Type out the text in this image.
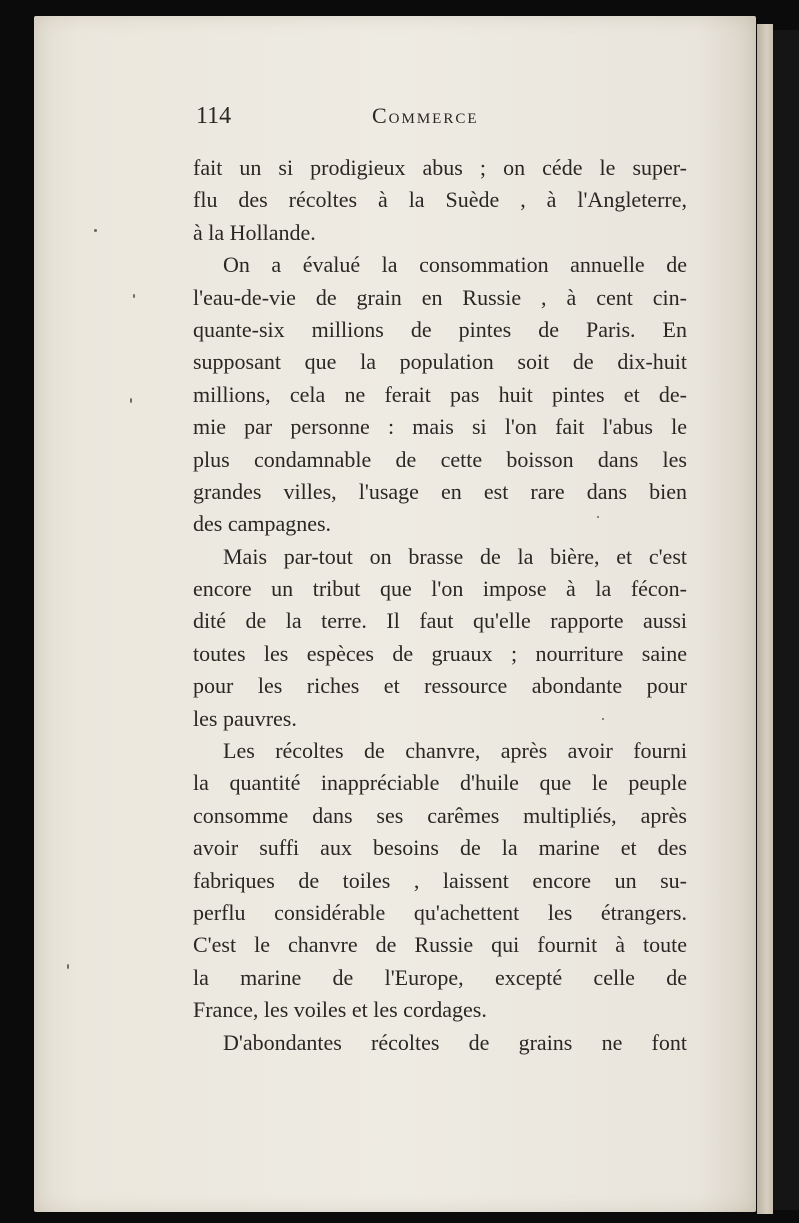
114	Commerce
fait un si prodigieux abus ; on céde le super-
flu des récoltes à la Suède , à l'Angleterre,
à la Hollande.
On a évalué la consommation annuelle de
l'eau-de-vie de grain en Russie , à cent cin-
quante-six millions de pintes de Paris. En
supposant que la population soit de dix-huit
millions, cela ne ferait pas huit pintes et de-
mie par personne : mais si l'on fait l'abus le
plus condamnable de cette boisson dans les
grandes villes, l'usage en est rare dans bien
des campagnes.
Mais par-tout on brasse de la bière, et c'est
encore un tribut que l'on impose à la fécon-
dité de la terre. Il faut qu'elle rapporte aussi
toutes les espèces de gruaux ; nourriture saine
pour les riches et ressource abondante pour
les pauvres.
Les récoltes de chanvre, après avoir fourni
la quantité inappréciable d'huile que le peuple
consomme dans ses carêmes multipliés, après
avoir suffi aux besoins de la marine et des
fabriques de toiles , laissent encore un su-
perflu considérable qu'achettent les étrangers.
C'est le chanvre de Russie qui fournit à toute
la marine de l'Europe, excepté celle de
France, les voiles et les cordages.
D'abondantes récoltes de grains ne font
